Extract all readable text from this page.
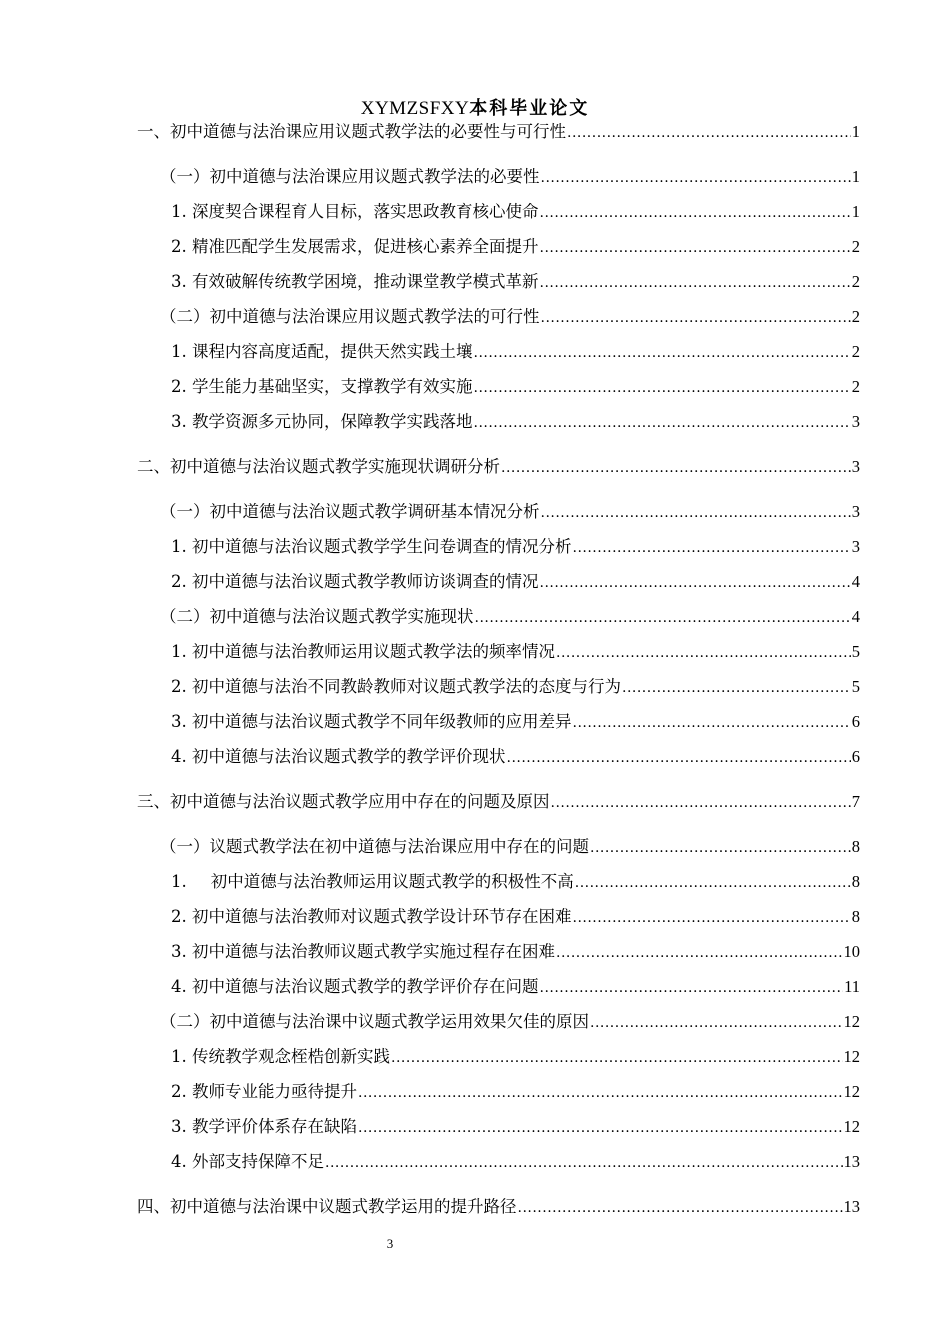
XYMZSFXY本科毕业论文
一、初中道德与法治课应用议题式教学法的必要性与可行性 .....	1
（一）初中道德与法治课应用议题式教学法的必要性 .....	1
1. 深度契合课程育人目标，落实思政教育核心使命 .....	1
2. 精准匹配学生发展需求，促进核心素养全面提升 .....	2
3. 有效破解传统教学困境，推动课堂教学模式革新 .....	2
（二）初中道德与法治课应用议题式教学法的可行性 .....	2
1. 课程内容高度适配，提供天然实践土壤 .....	2
2. 学生能力基础坚实，支撑教学有效实施 .....	2
3. 教学资源多元协同，保障教学实践落地 .....	3
二、初中道德与法治议题式教学实施现状调研分析 .....	3
（一）初中道德与法治议题式教学调研基本情况分析 .....	3
1. 初中道德与法治议题式教学学生问卷调查的情况分析 .....	3
2. 初中道德与法治议题式教学教师访谈调查的情况 .....	4
（二）初中道德与法治议题式教学实施现状 .....	4
1. 初中道德与法治教师运用议题式教学法的频率情况 .....	5
2. 初中道德与法治不同教龄教师对议题式教学法的态度与行为 .....	5
3. 初中道德与法治议题式教学不同年级教师的应用差异 .....	6
4. 初中道德与法治议题式教学的教学评价现状 .....	6
三、初中道德与法治议题式教学应用中存在的问题及原因 .....	7
（一）议题式教学法在初中道德与法治课应用中存在的问题 .....	8
1. 初中道德与法治教师运用议题式教学的积极性不高 .....	8
2. 初中道德与法治教师对议题式教学设计环节存在困难 .....	8
3. 初中道德与法治教师议题式教学实施过程存在困难 .....	10
4. 初中道德与法治议题式教学的教学评价存在问题 .....	11
（二）初中道德与法治课中议题式教学运用效果欠佳的原因 .....	12
1. 传统教学观念桎梏创新实践 .....	12
2. 教师专业能力亟待提升 .....	12
3. 教学评价体系存在缺陷 .....	12
4. 外部支持保障不足 .....	13
四、初中道德与法治课中议题式教学运用的提升路径 .....	13
3
